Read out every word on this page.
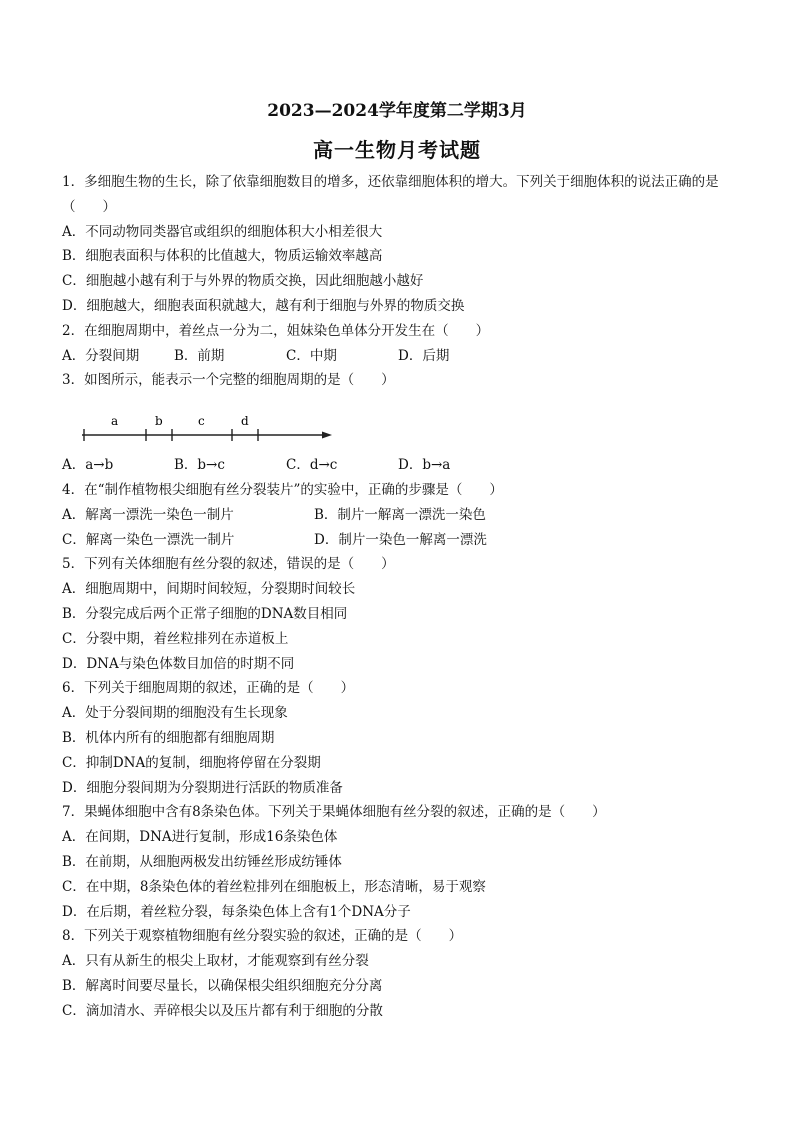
2023—2024学年度第二学期3月
高一生物月考试题
1．多细胞生物的生长，除了依靠细胞数目的增多，还依靠细胞体积的增大。下列关于细胞体积的说法正确的是（　　）
A．不同动物同类器官或组织的细胞体积大小相差很大
B．细胞表面积与体积的比值越大，物质运输效率越高
C．细胞越小越有利于与外界的物质交换，因此细胞越小越好
D．细胞越大，细胞表面积就越大，越有利于细胞与外界的物质交换
2．在细胞周期中，着丝点一分为二，姐妹染色单体分开发生在（　　）
A．分裂间期	B．前期	C．中期	D．后期
3．如图所示，能表示一个完整的细胞周期的是（　　）
a	b	c	d
A．a→b	B．b→c	C．d→c	D．b→a
4．在“制作植物根尖细胞有丝分裂装片”的实验中，正确的步骤是（　　）
A．解离一漂洗一染色一制片	B．制片一解离一漂洗一染色
C．解离一染色一漂洗一制片	D．制片一染色一解离一漂洗
5．下列有关体细胞有丝分裂的叙述，错误的是（　　）
A．细胞周期中，间期时间较短，分裂期时间较长
B．分裂完成后两个正常子细胞的DNA数目相同
C．分裂中期，着丝粒排列在赤道板上
D．DNA与染色体数目加倍的时期不同
6．下列关于细胞周期的叙述，正确的是（　　）
A．处于分裂间期的细胞没有生长现象
B．机体内所有的细胞都有细胞周期
C．抑制DNA的复制，细胞将停留在分裂期
D．细胞分裂间期为分裂期进行活跃的物质准备
7．果蝇体细胞中含有8条染色体。下列关于果蝇体细胞有丝分裂的叙述，正确的是（　　）
A．在间期，DNA进行复制，形成16条染色体
B．在前期，从细胞两极发出纺锤丝形成纺锤体
C．在中期，8条染色体的着丝粒排列在细胞板上，形态清晰，易于观察
D．在后期，着丝粒分裂，每条染色体上含有1个DNA分子
8．下列关于观察植物细胞有丝分裂实验的叙述，正确的是（　　）
A．只有从新生的根尖上取材，才能观察到有丝分裂
B．解离时间要尽量长，以确保根尖组织细胞充分分离
C．滴加清水、弄碎根尖以及压片都有利于细胞的分散
